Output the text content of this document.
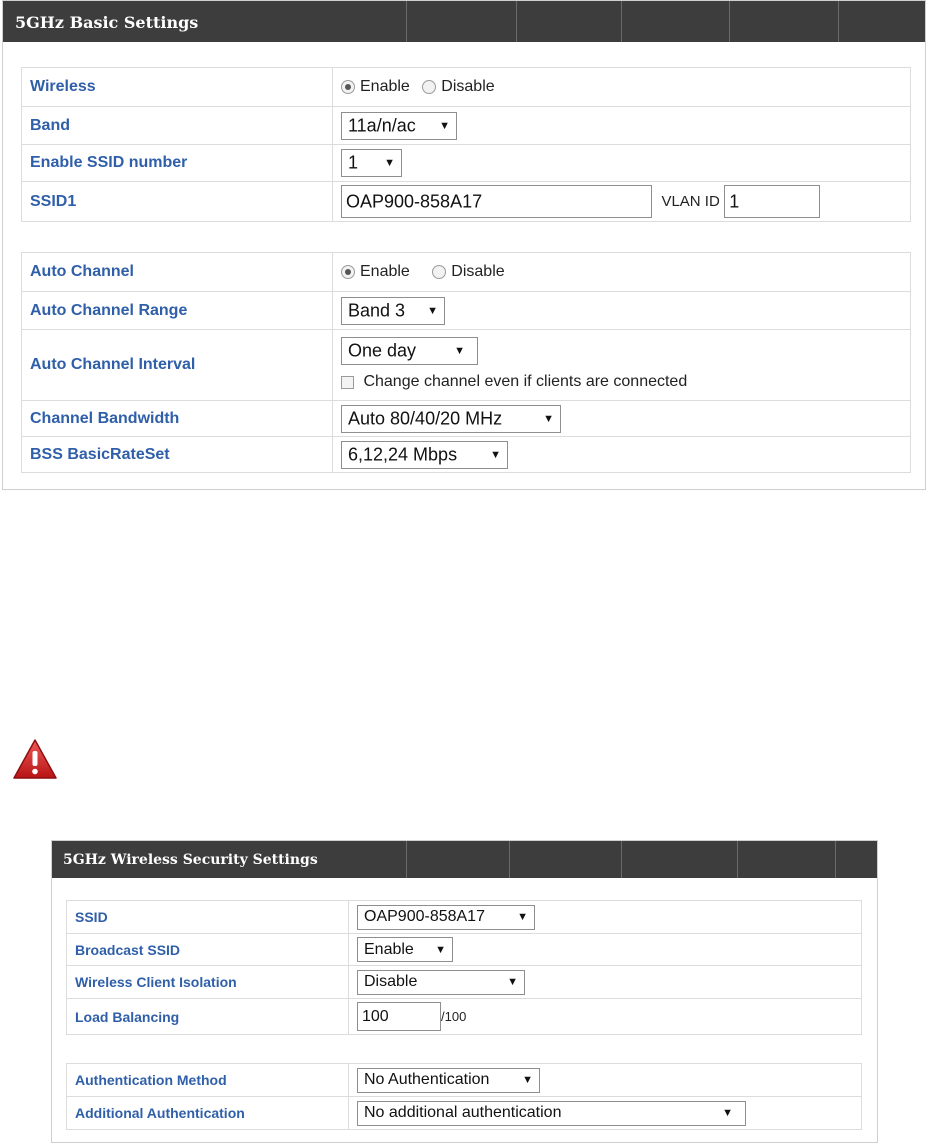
5GHz Basic Settings
Wireless	Enable Disable
Band	11a/n/ac ▼

Enable SSID number	1 ▼

SSID1	OAP900-858A17 VLAN ID 1
Auto Channel	Enable Disable
Auto Channel Range	Band 3 ▼

Auto Channel Interval	One day ▼
Change channel even if clients are connected

Channel Bandwidth	Auto 80/40/20 MHz ▼

BSS BasicRateSet	6,12,24 Mbps ▼
5GHz Wireless Security Settings
SSID	OAP900-858A17 ▼

Broadcast SSID	Enable ▼

Wireless Client Isolation	Disable ▼

Load Balancing	100 /100
Authentication Method	No Authentication ▼

Additional Authentication	No additional authentication ▼
